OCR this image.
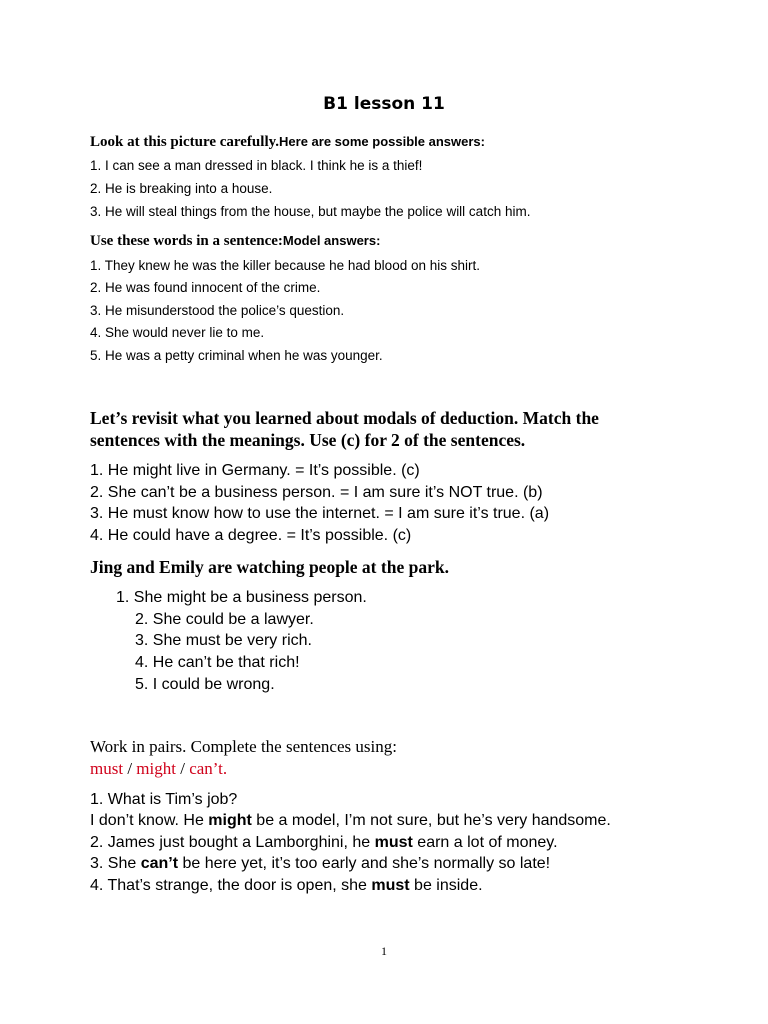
B1 lesson 11
Look at this picture carefully.Here are some possible answers:
1. I can see a man dressed in black. I think he is a thief!
2. He is breaking into a house.
3. He will steal things from the house, but maybe the police will catch him.
Use these words in a sentence:Model answers:
1. They knew he was the killer because he had blood on his shirt.
2. He was found innocent of the crime.
3. He misunderstood the police’s question.
4. She would never lie to me.
5. He was a petty criminal when he was younger.
Let’s revisit what you learned about modals of deduction. Match the
sentences with the meanings. Use (c) for 2 of the sentences.
1. He might live in Germany. = It’s possible. (c)
2. She can’t be a business person. = I am sure it’s NOT true. (b)
3. He must know how to use the internet. = I am sure it’s true. (a)
4. He could have a degree. = It’s possible. (c)
Jing and Emily are watching people at the park.
1. She might be a business person.
2. She could be a lawyer.
3. She must be very rich.
4. He can’t be that rich!
5. I could be wrong.
Work in pairs. Complete the sentences using:
must / might / can’t.
1. What is Tim’s job?
I don’t know. He might be a model, I’m not sure, but he’s very handsome.
2. James just bought a Lamborghini, he must earn a lot of money.
3. She can’t be here yet, it’s too early and she’s normally so late!
4. That’s strange, the door is open, she must be inside.
1
